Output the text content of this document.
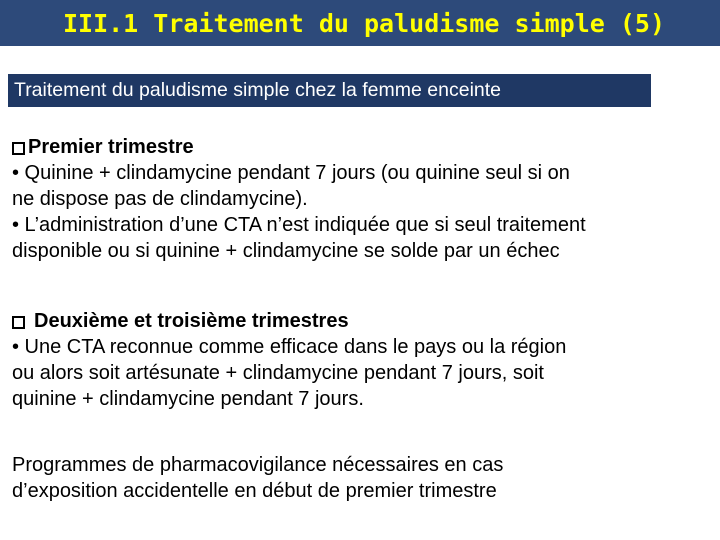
III.1 Traitement du paludisme simple (5)
Traitement du paludisme simple chez la femme enceinte
Premier trimestre
• Quinine + clindamycine pendant 7 jours (ou quinine seul si on
ne dispose pas de clindamycine).
• L’administration d’une CTA n’est indiquée que si seul traitement
disponible ou si quinine + clindamycine se solde par un échec
Deuxième et troisième trimestres
• Une CTA reconnue comme efficace dans le pays ou la région
ou alors soit artésunate + clindamycine pendant 7 jours, soit
quinine + clindamycine pendant 7 jours.
Programmes de pharmacovigilance nécessaires en cas
d’exposition accidentelle en début de premier trimestre
